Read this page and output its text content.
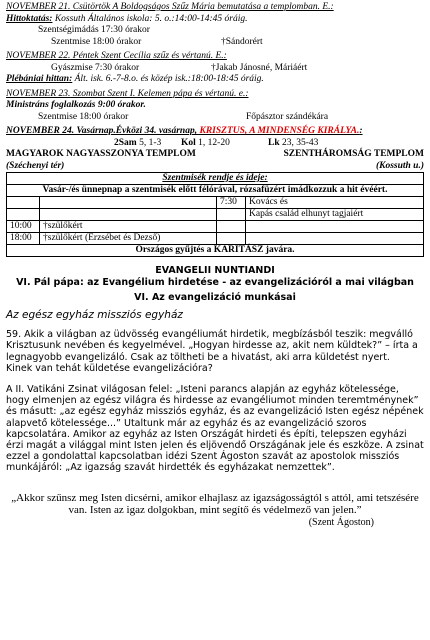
NOVEMBER 21. Csütörtök A Boldogságos Szűz Mária bemutatása a templomban. E.:
Hittoktatás: Kossuth Általános iskola: 5. o.:14:00-14:45 óráig.
Szentségimádás 17:30 órakor
Szentmise 18:00 órakor	†Sándorért
NOVEMBER 22. Péntek Szent Cecília szűz és vértanú. E.:
Gyászmise 7:30 órakor	†Jakab Jánosné, Máriáért
Plébániai hittan: Ált. isk. 6.-7-8.o. és közép isk.:18:00-18:45 óráig.
NOVEMBER 23. Szombat Szent I. Kelemen pápa és vértanú. e.:
Ministráns foglalkozás 9:00 órakor.
Szentmise 18:00 órakor	Főpásztor szándékára
NOVEMBER 24. Vasárnap.Évközi 34. vasárnap, KRISZTUS, A MINDENSÉG KIRÁLYA.:
2Sam 5, 1-3 Kol 1, 12-20	Lk 23, 35-43
MAGYAROK NAGYASSZONYA TEMPLOM	SZENTHÁROMSÁG TEMPLOM
(Széchenyi tér)	(Kossuth u.)
Szentmisék rendje és ideje:			
Vasár-/és ünnepnap a szentmisék előtt félórával, rózsafüzért imádkozzuk a hit évéért.			
		7:30	Kovács és
			Kapás család elhunyt tagjaiért
10:00	†szülőkért		
18:00	†szülőkért (Erzsébet és Dezső)		
Országos gyűjtés a KARITÁSZ javára.			
EVANGELII NUNTIANDI
VI. Pál pápa: az Evangélium hirdetése - az evangelizációról a mai világban
VI. Az evangelizáció munkásai
Az egész egyház missziós egyház
59. Akik a világban az üdvösség evangéliumát hirdetik, megbízásból teszik: megválló Krisztusunk nevében és kegyelmével. „Hogyan hirdesse az, akit nem küldtek?” – írta a legnagyobb evangelizáló. Csak az töltheti be a hivatást, aki arra küldetést nyert.
Kinek van tehát küldetése evangelizációra?
A II. Vatikáni Zsinat világosan felel: „Isteni parancs alapján az egyház kötelessége, hogy elmenjen az egész világra és hirdesse az evangéliumot minden teremtménynek” és másutt: „az egész egyház missziós egyház, és az evangelizáció Isten egész népének alapvető kötelessége...” Utaltunk már az egyház és az evangelizáció szoros kapcsolatára. Amikor az egyház az Isten Országát hirdeti és építi, telepszen egyházi érzi magát a világgal mint Isten jelen és eljövendő Országának jele és eszköze. A zsinat ezzel a gondolattal kapcsolatban idézi Szent Ágoston szavát az apostolok missziós munkájáról: „Az igazság szavát hirdették és egyházakat nemzettek”.
„Akkor szűnsz meg Isten dicsérni, amikor elhajlasz az igazságosságtól s attól, ami tetszésére van. Isten az igaz dolgokban, mint segítő és védelmező van jelen.”
(Szent Ágoston)
